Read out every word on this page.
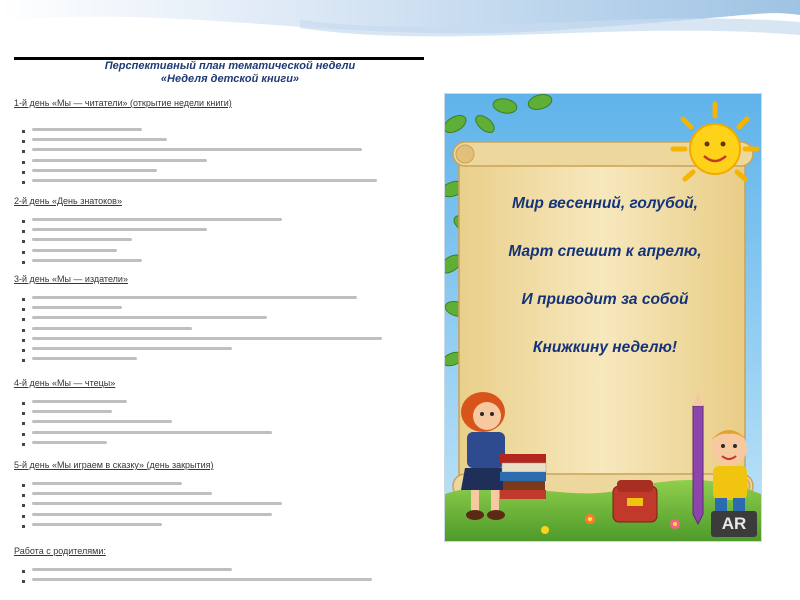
Перспективный план тематической недели
«Неделя детской книги»
1-й день «Мы — читатели» (открытие недели книги)
2-й день «День знатоков»
3-й день «Мы — издатели»
4-й день «Мы — чтецы»
5-й день «Мы играем в сказку» (день закрытия)
Работа с родителями:
Мир весенний, голубой,
Март спешит к апрелю,
И приводит за собой
Книжкину неделю!
AR
